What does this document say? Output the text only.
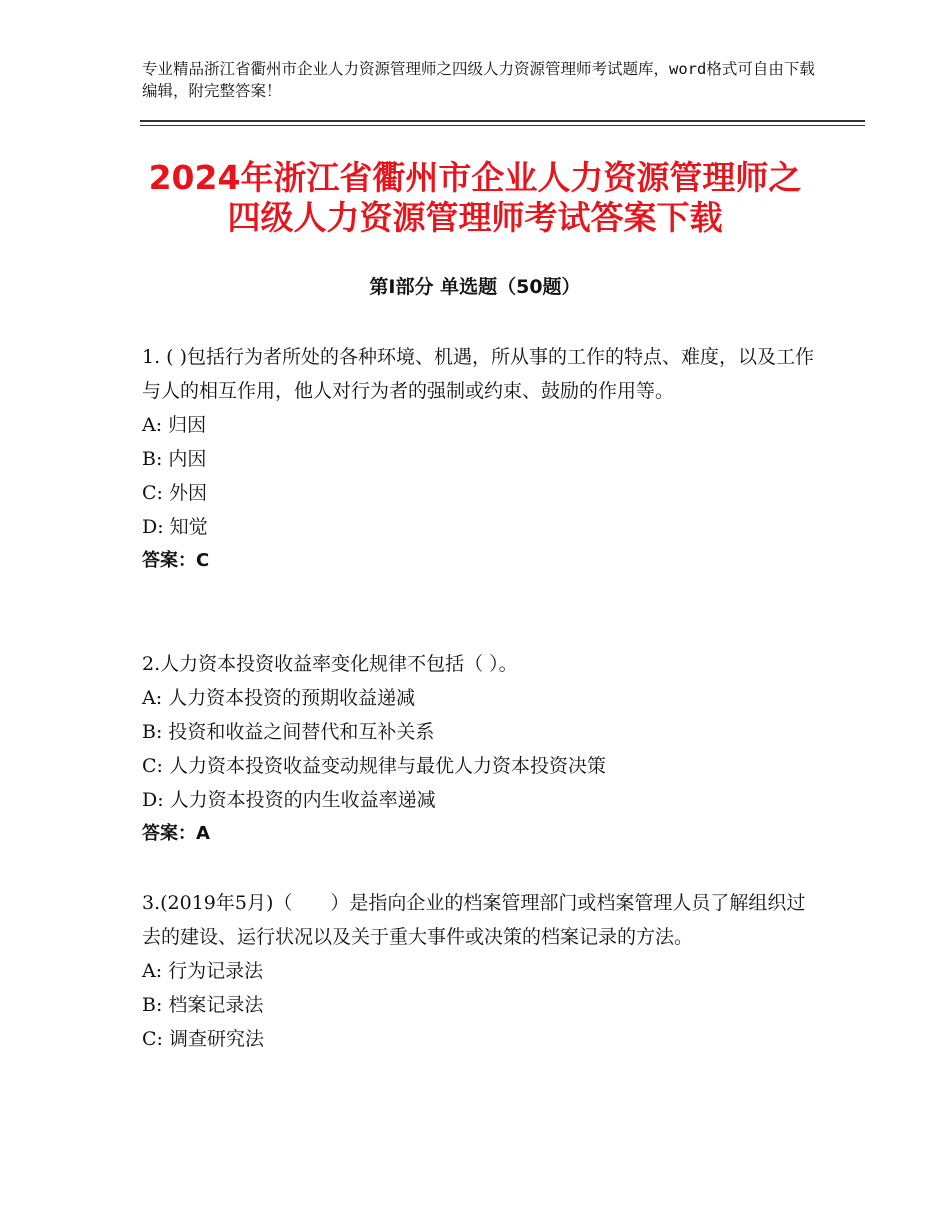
专业精品浙江省衢州市企业人力资源管理师之四级人力资源管理师考试题库，word格式可自由下载编辑，附完整答案！
2024年浙江省衢州市企业人力资源管理师之
四级人力资源管理师考试答案下载
第Ⅰ部分 单选题（50题）

1. ( )包括行为者所处的各种环境、机遇，所从事的工作的特点、难度，以及工作与人的相互作用，他人对行为者的强制或约束、鼓励的作用等。

A: 归因

B: 内因

C: 外因

D: 知觉

答案：C

2.人力资本投资收益率变化规律不包括（ ）。

A: 人力资本投资的预期收益递减

B: 投资和收益之间替代和互补关系

C: 人力资本投资收益变动规律与最优人力资本投资决策

D: 人力资本投资的内生收益率递减

答案：A

3.(2019年5月)（　　）是指向企业的档案管理部门或档案管理人员了解组织过去的建设、运行状况以及关于重大事件或决策的档案记录的方法。

A: 行为记录法

B: 档案记录法

C: 调查研究法
